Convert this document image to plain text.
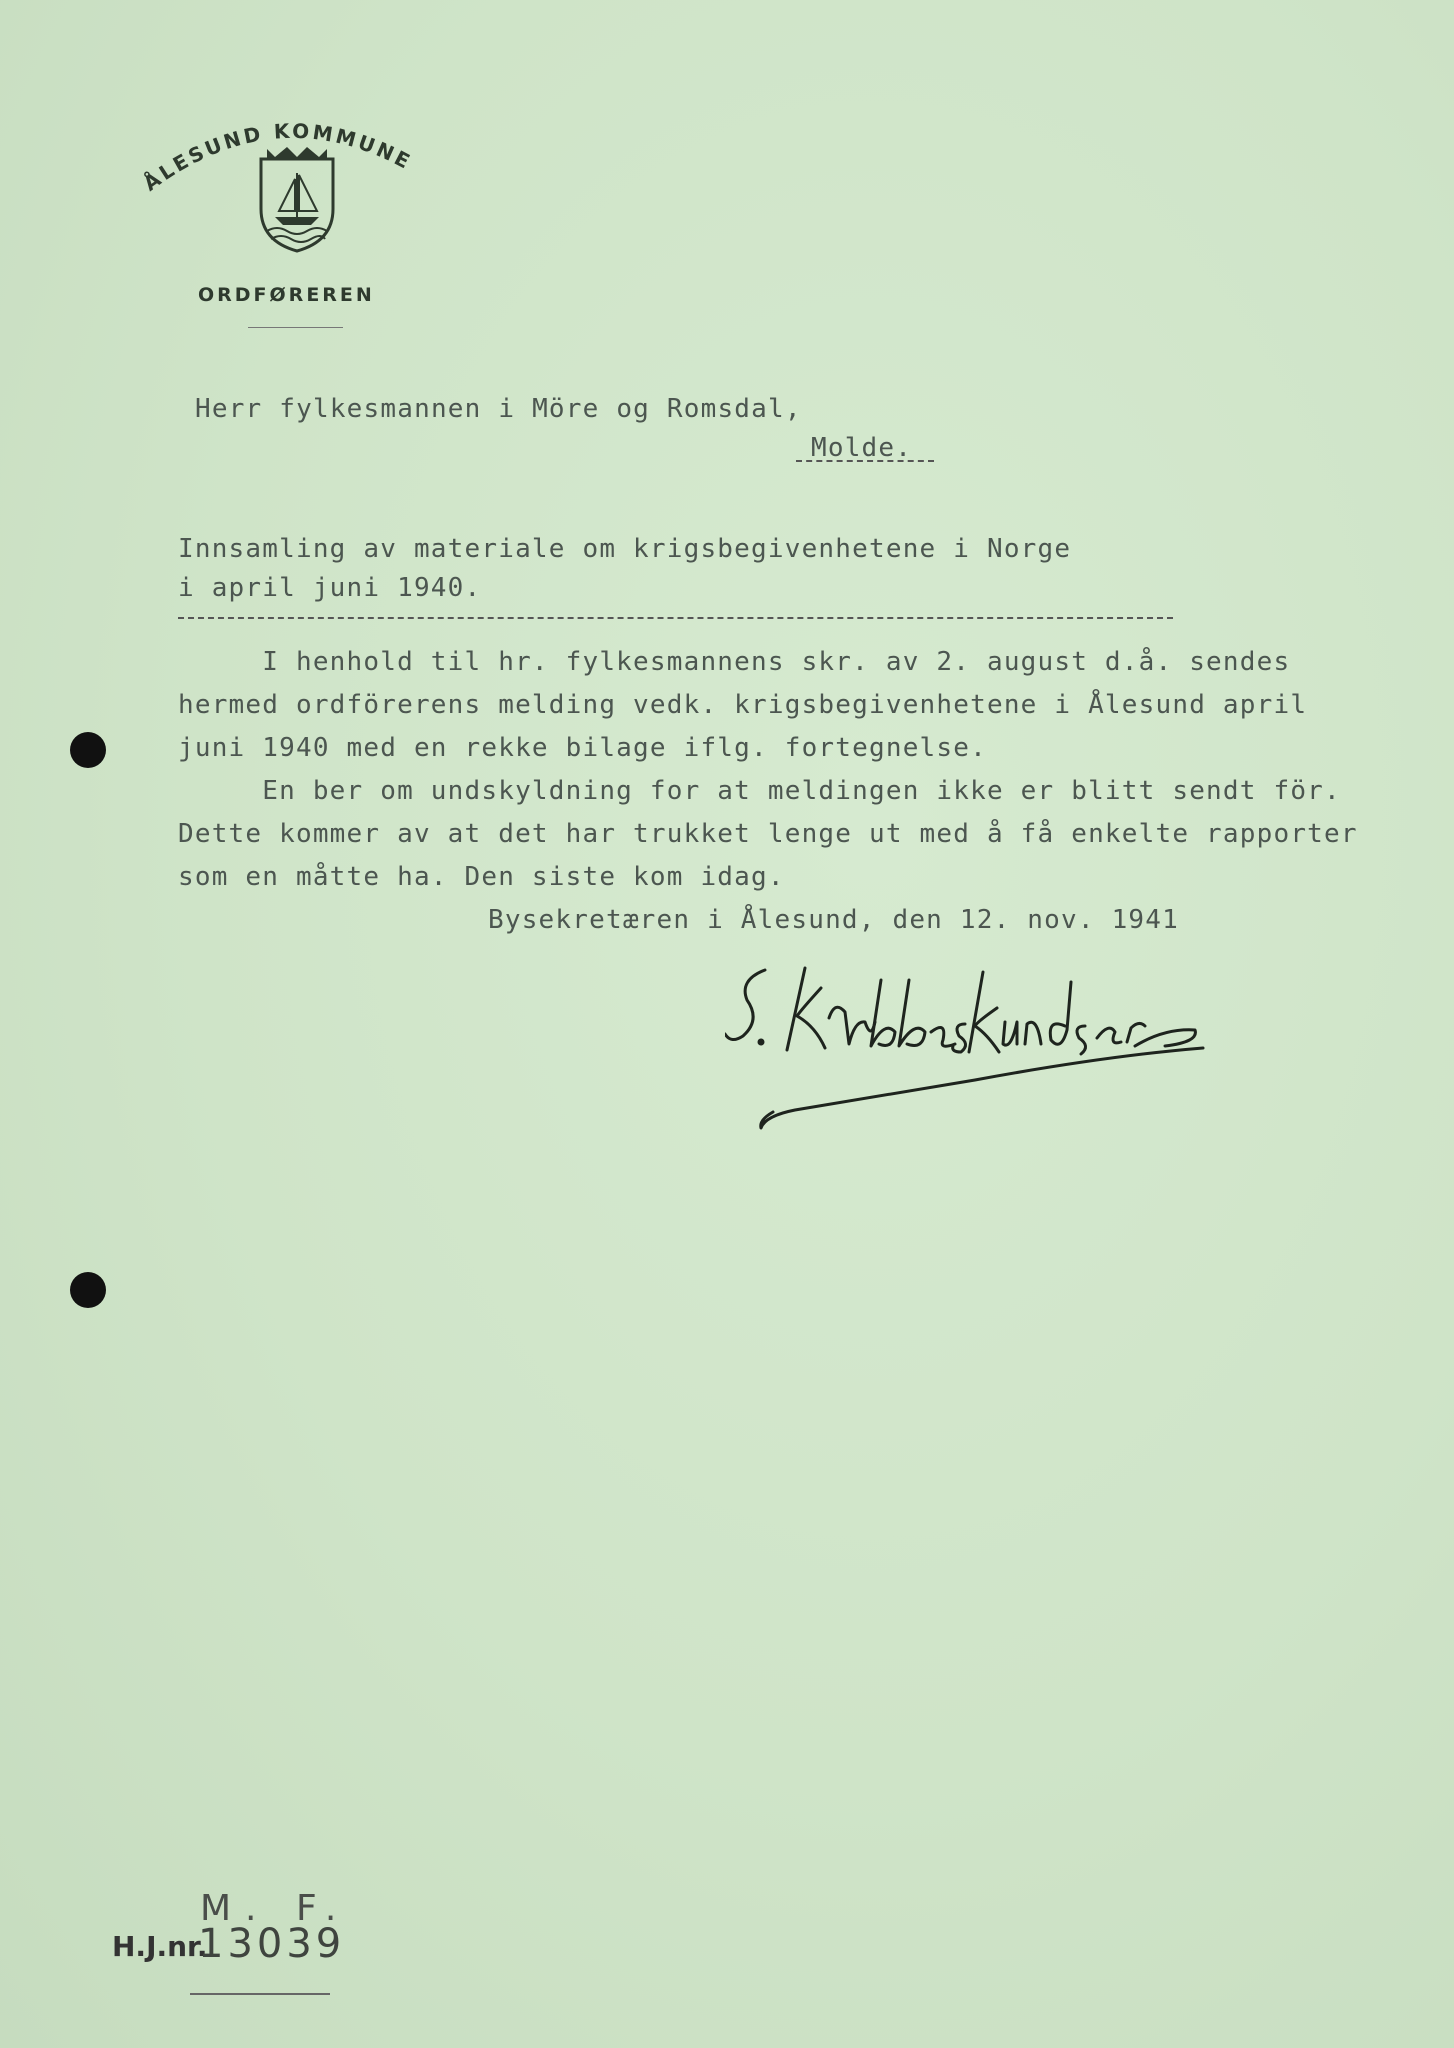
ÅLESUND KOMMUNE
ORDFØREREN
Herr fylkesmannen i Möre og Romsdal,
Molde.
Innsamling av materiale om krigsbegivenhetene i Norge
i april juni 1940.
I henhold til hr. fylkesmannens skr. av 2. august d.å. sendes
hermed ordförerens melding vedk. krigsbegivenhetene i Ålesund april
juni 1940 med en rekke bilage iflg. fortegnelse.
En ber om undskyldning for at meldingen ikke er blitt sendt för.
Dette kommer av at det har trukket lenge ut med å få enkelte rapporter
som en måtte ha. Den siste kom idag.
Bysekretæren i Ålesund, den 12. nov. 1941
M. F.
H.J.nr.
13039
